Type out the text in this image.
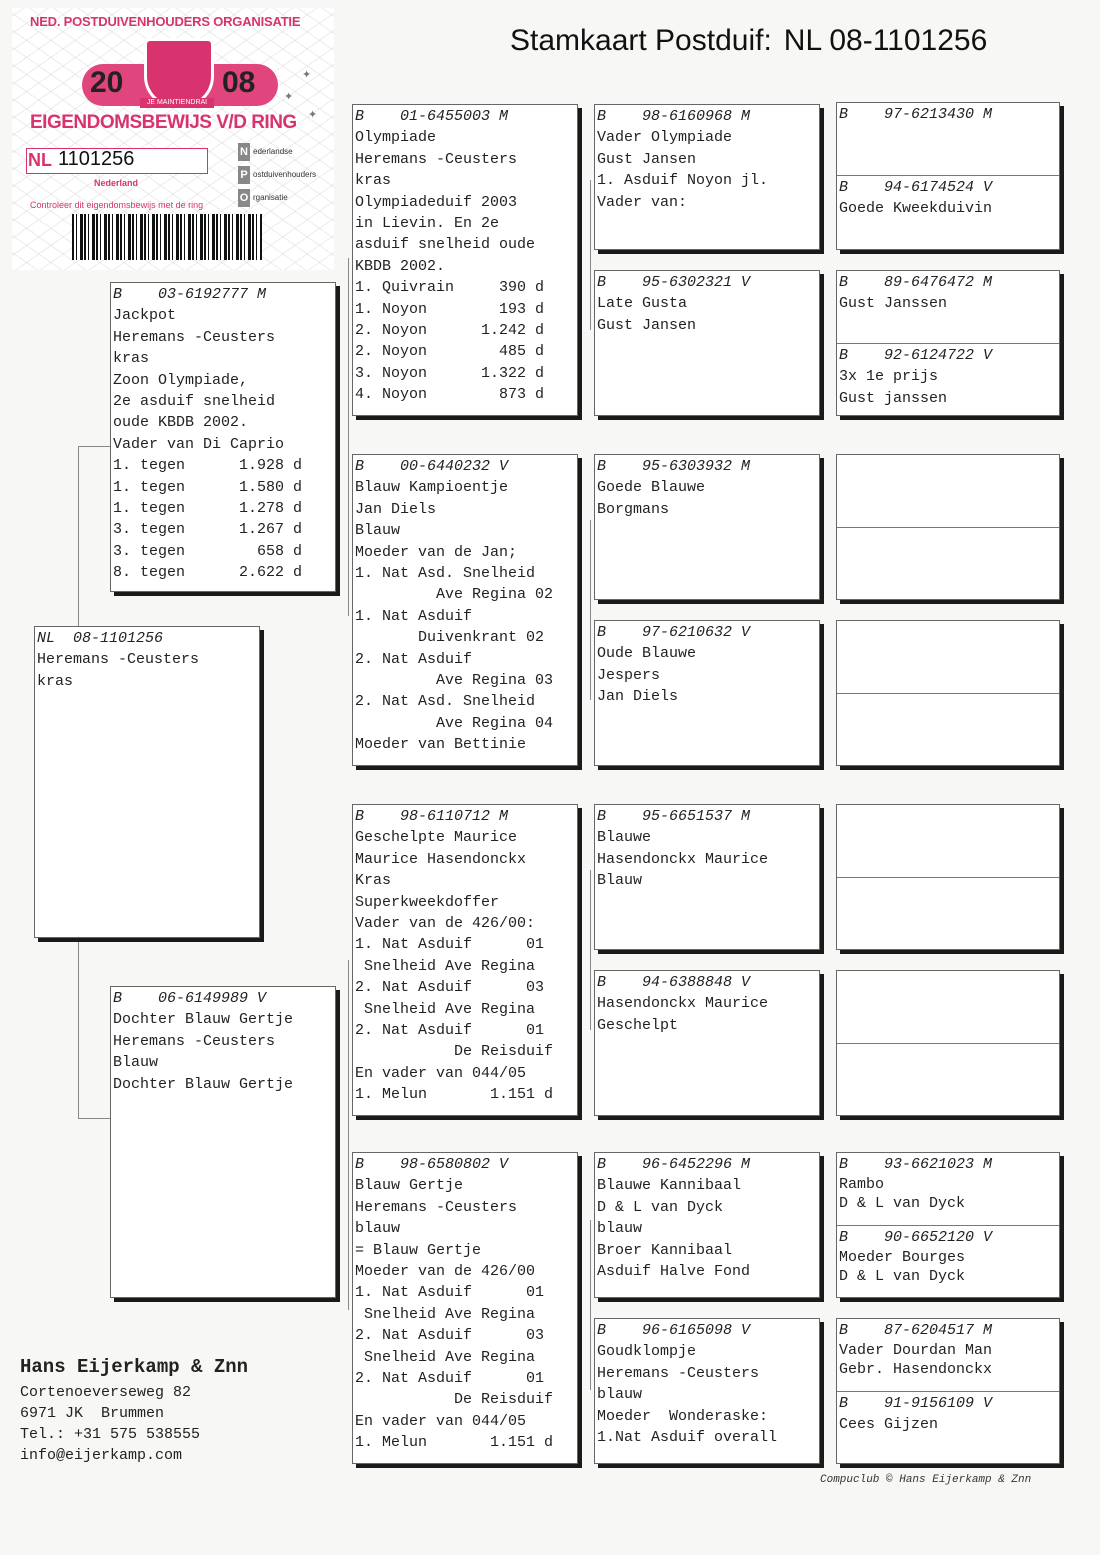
Stamkaart Postduif: NL 08-1101256
NED. POSTDUIVENHOUDERS ORGANISATIE
20	08
JE MAINTIENDRAI
EIGENDOMSBEWIJS V/D RING
NL 1101256
Nederland
Controleer dit eigendomsbewijs met de ring
N ederlandse
P ostduivenhouders
O rganisatie
✦
✦
✦
NL  08-1101256
Heremans -Ceusters
kras
B    03-6192777 M
Jackpot
Heremans -Ceusters
kras
Zoon Olympiade,
2e asduif snelheid
oude KBDB 2002.
Vader van Di Caprio
1. tegen      1.928 d
1. tegen      1.580 d
1. tegen      1.278 d
3. tegen      1.267 d
3. tegen        658 d
8. tegen      2.622 d
B    06-6149989 V
Dochter Blauw Gertje
Heremans -Ceusters
Blauw
Dochter Blauw Gertje
B    01-6455003 M
Olympiade
Heremans -Ceusters
kras
Olympiadeduif 2003
in Lievin. En 2e
asduif snelheid oude
KBDB 2002.
1. Quivrain     390 d
1. Noyon        193 d
2. Noyon      1.242 d
2. Noyon        485 d
3. Noyon      1.322 d
4. Noyon        873 d
B    00-6440232 V
Blauw Kampioentje
Jan Diels
Blauw
Moeder van de Jan;
1. Nat Asd. Snelheid
Ave Regina 02
1. Nat Asduif
Duivenkrant 02
2. Nat Asduif
Ave Regina 03
2. Nat Asd. Snelheid
Ave Regina 04
Moeder van Bettinie
B    98-6110712 M
Geschelpte Maurice
Maurice Hasendonckx
Kras
Superkweekdoffer
Vader van de 426/00:
1. Nat Asduif      01
Snelheid Ave Regina
2. Nat Asduif      03
Snelheid Ave Regina
2. Nat Asduif      01
De Reisduif
En vader van 044/05
1. Melun       1.151 d
B    98-6580802 V
Blauw Gertje
Heremans -Ceusters
blauw
= Blauw Gertje
Moeder van de 426/00
1. Nat Asduif      01
Snelheid Ave Regina
2. Nat Asduif      03
Snelheid Ave Regina
2. Nat Asduif      01
De Reisduif
En vader van 044/05
1. Melun       1.151 d
B    98-6160968 M
Vader Olympiade
Gust Jansen
1. Asduif Noyon jl.
Vader van:
B    95-6302321 V
Late Gusta
Gust Jansen
B    95-6303932 M
Goede Blauwe
Borgmans
B    97-6210632 V
Oude Blauwe
Jespers
Jan Diels
B    95-6651537 M
Blauwe
Hasendonckx Maurice
Blauw
B    94-6388848 V
Hasendonckx Maurice
Geschelpt
B    96-6452296 M
Blauwe Kannibaal
D & L van Dyck
blauw
Broer Kannibaal
Asduif Halve Fond
B    96-6165098 V
Goudklompje
Heremans -Ceusters
blauw
Moeder  Wonderaske:
1.Nat Asduif overall
B    97-6213430 M
B    94-6174524 V
Goede Kweekduivin
B    89-6476472 M
Gust Janssen
B    92-6124722 V
3x 1e prijs
Gust janssen
B    93-6621023 M
Rambo
D & L van Dyck
B    90-6652120 V
Moeder Bourges
D & L van Dyck
B    87-6204517 M
Vader Dourdan Man
Gebr. Hasendonckx
B    91-9156109 V
Cees Gijzen
Hans Eijerkamp & Znn
Cortenoeverseweg 82
6971 JK  Brummen
Tel.: +31 575 538555
info@eijerkamp.com
Compuclub © Hans Eijerkamp & Znn
